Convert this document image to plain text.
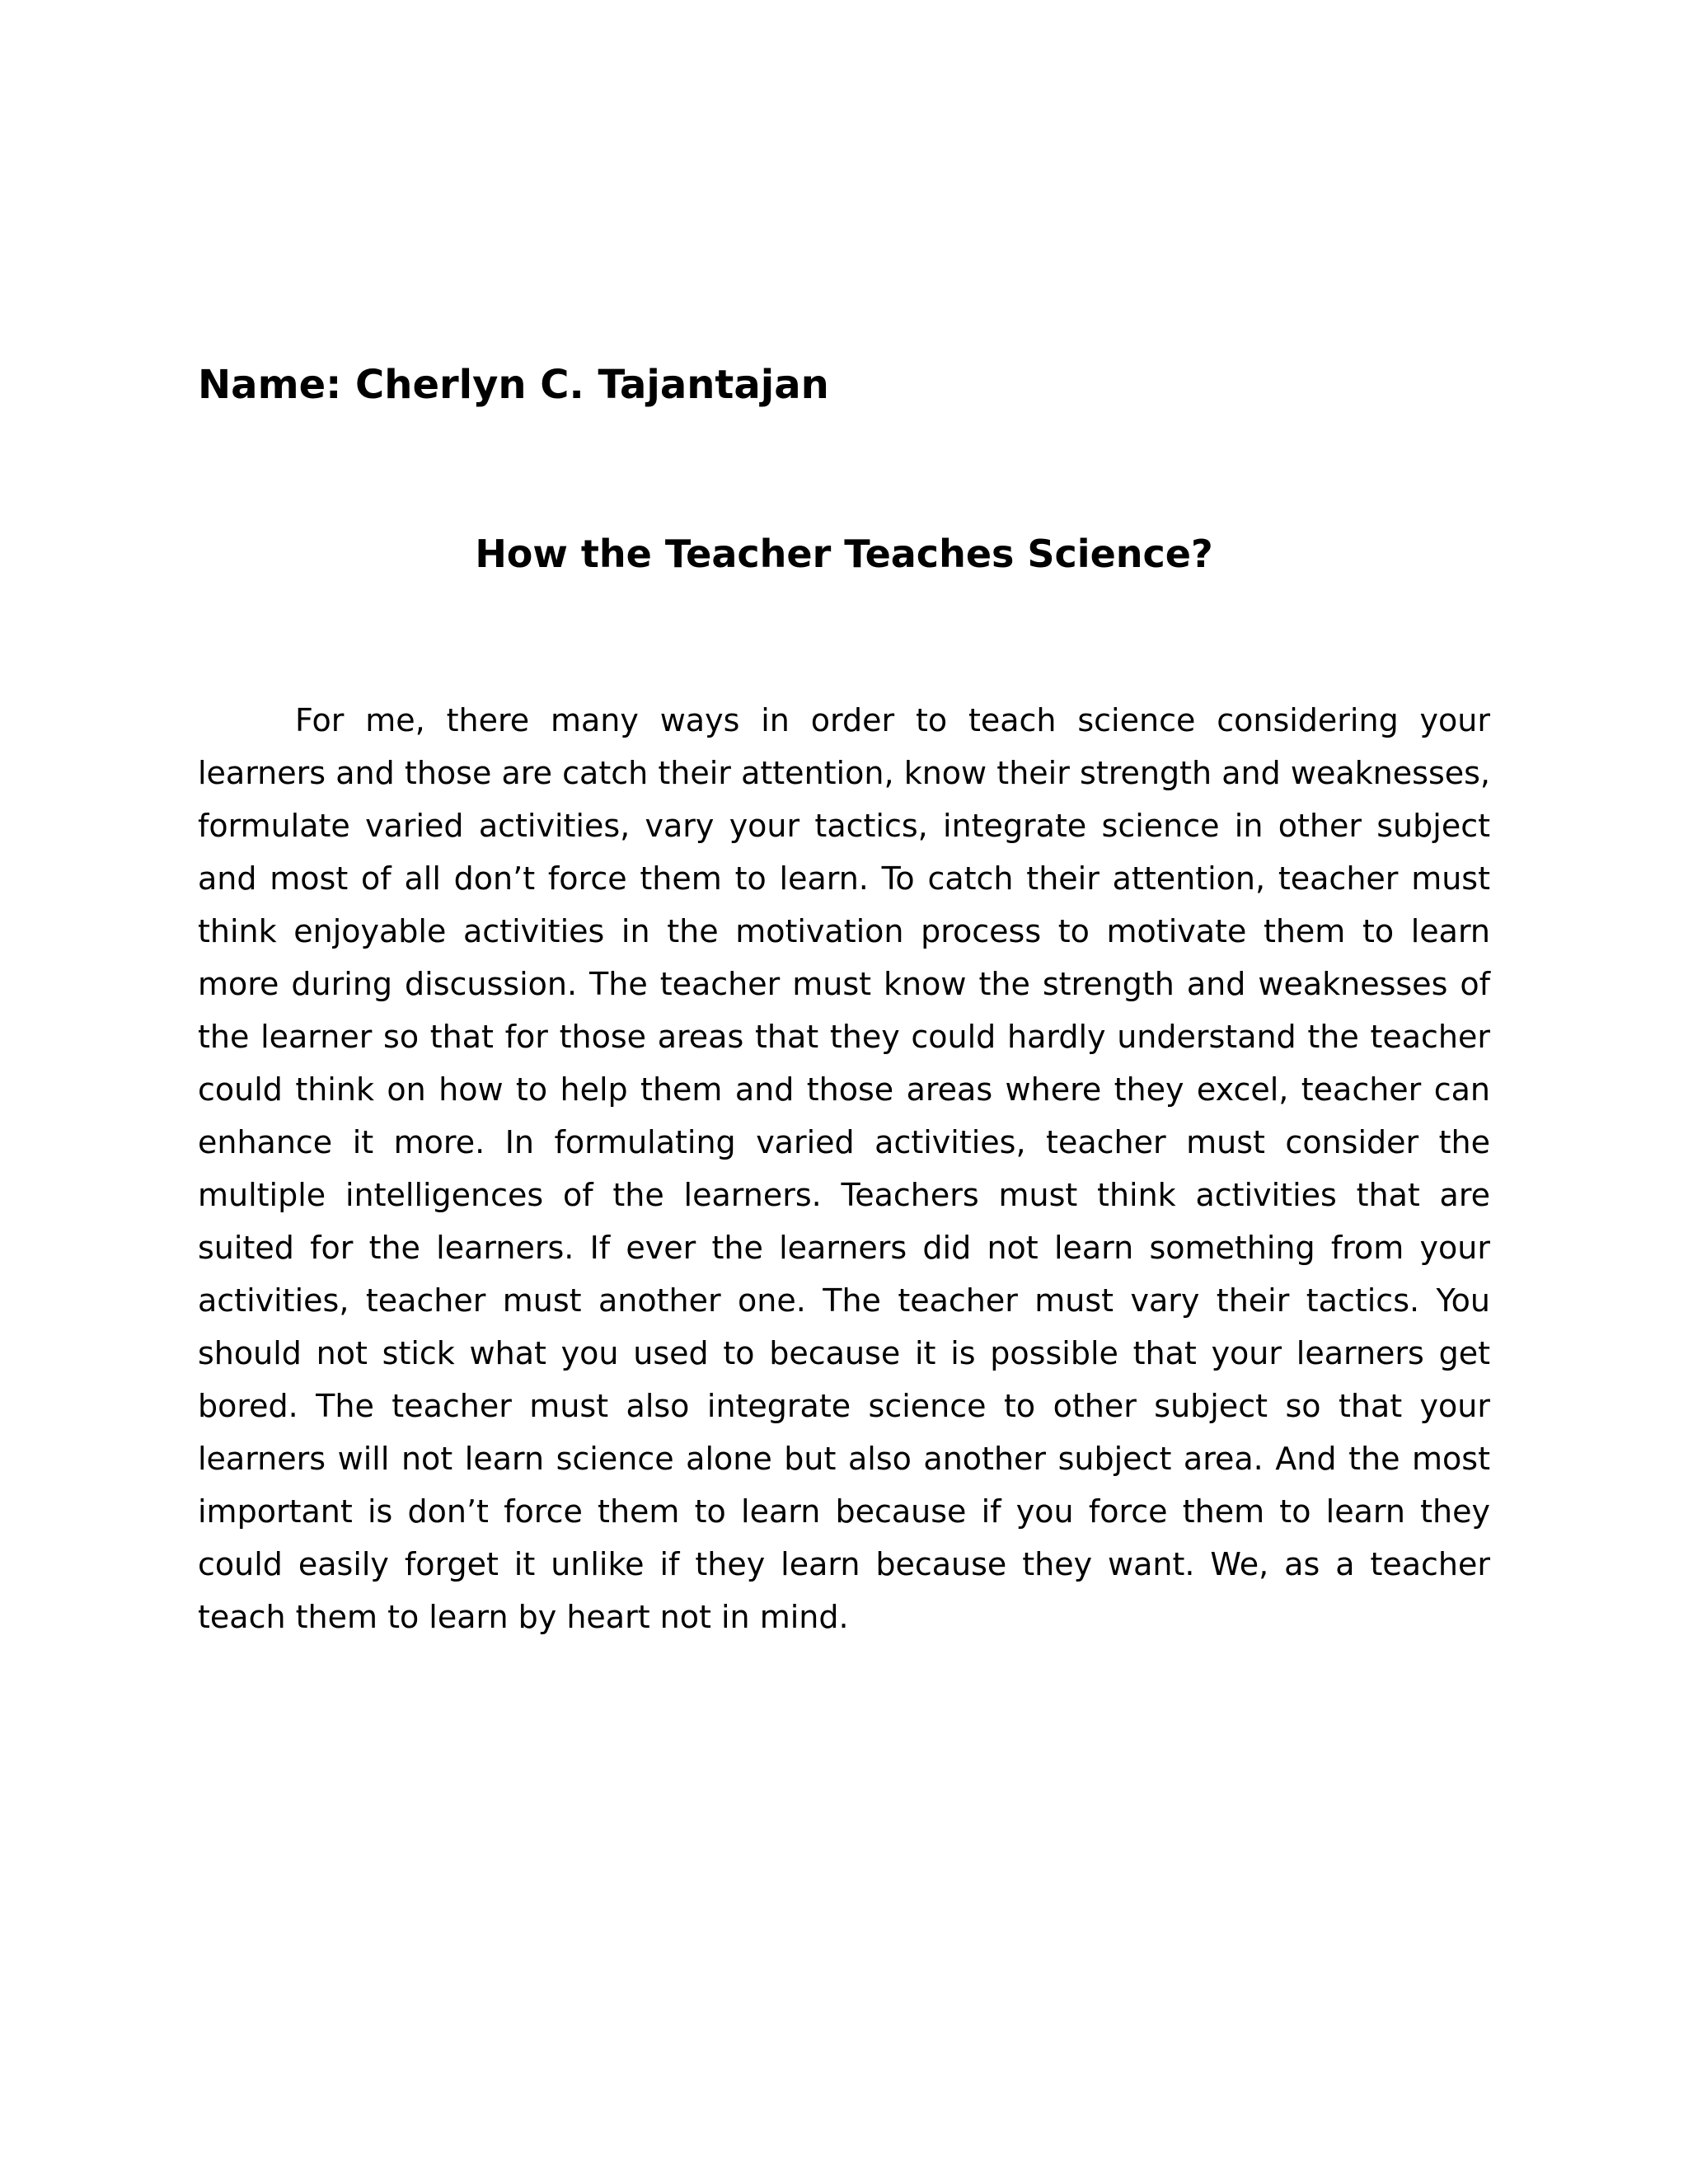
Name: Cherlyn C. Tajantajan
How the Teacher Teaches Science?

For me, there many ways in order to teach science considering your learners and those are catch their attention, know their strength and weaknesses, formulate varied activities, vary your tactics, integrate science in other subject and most of all don’t force them to learn. To catch their attention, teacher must think enjoyable activities in the motivation process to motivate them to learn more during discussion. The teacher must know the strength and weaknesses of the learner so that for those areas that they could hardly understand the teacher could think on how to help them and those areas where they excel, teacher can enhance it more. In formulating varied activities, teacher must consider the multiple intelligences of the learners. Teachers must think activities that are suited for the learners. If ever the learners did not learn something from your activities, teacher must another one. The teacher must vary their tactics. You should not stick what you used to because it is possible that your learners get bored. The teacher must also integrate science to other subject so that your learners will not learn science alone but also another subject area. And the most important is don’t force them to learn because if you force them to learn they could easily forget it unlike if they learn because they want. We, as a teacher teach them to learn by heart not in mind.
